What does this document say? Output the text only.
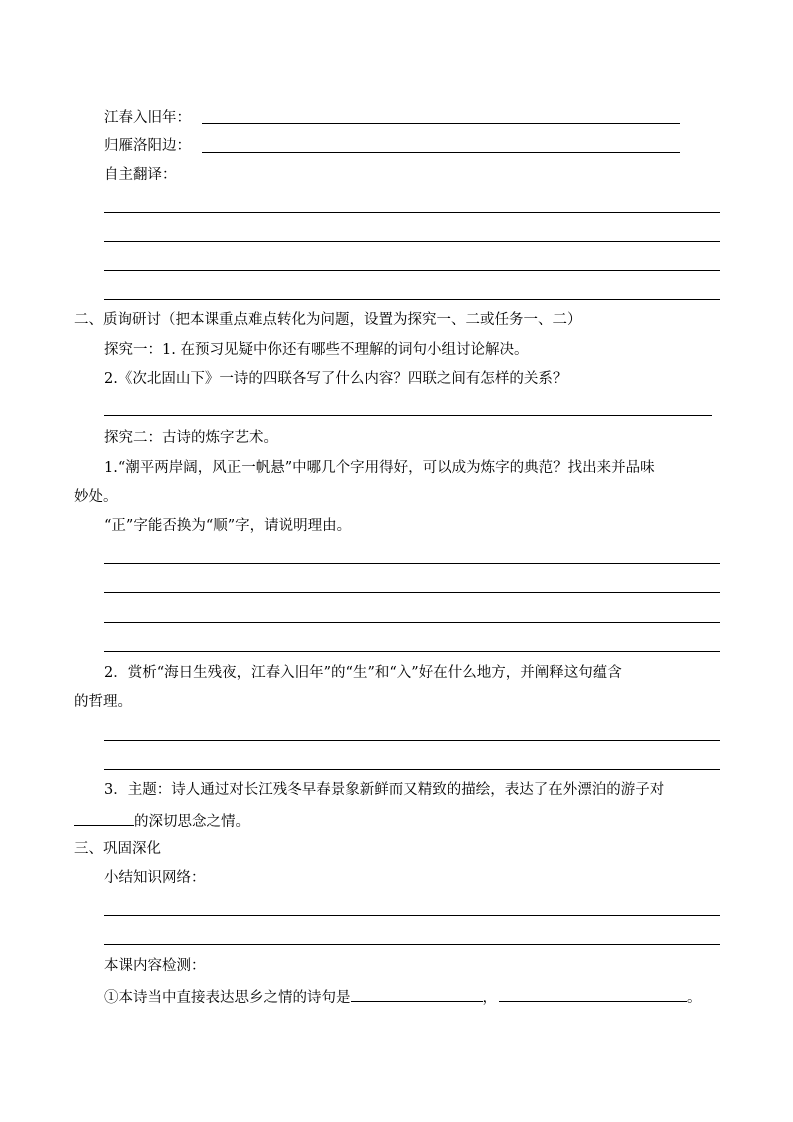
江春入旧年：
归雁洛阳边：
自主翻译：
二、质询研讨（把本课重点难点转化为问题，设置为探究一、二或任务一、二）
探究一：1. 在预习见疑中你还有哪些不理解的词句小组讨论解决。
2.《次北固山下》一诗的四联各写了什么内容？四联之间有怎样的关系？
探究二：古诗的炼字艺术。
1.“潮平两岸阔，风正一帆悬”中哪几个字用得好，可以成为炼字的典范？找出来并品味
妙处。
“正”字能否换为“顺”字，请说明理由。
2．赏析“海日生残夜，江春入旧年”的“生”和“入”好在什么地方，并阐释这句蕴含
的哲理。
3．主题：诗人通过对长江残冬早春景象新鲜而又精致的描绘，表达了在外漂泊的游子对
的深切思念之情。
三、巩固深化
小结知识网络：
本课内容检测：
①本诗当中直接表达思乡之情的诗句是	，	。
